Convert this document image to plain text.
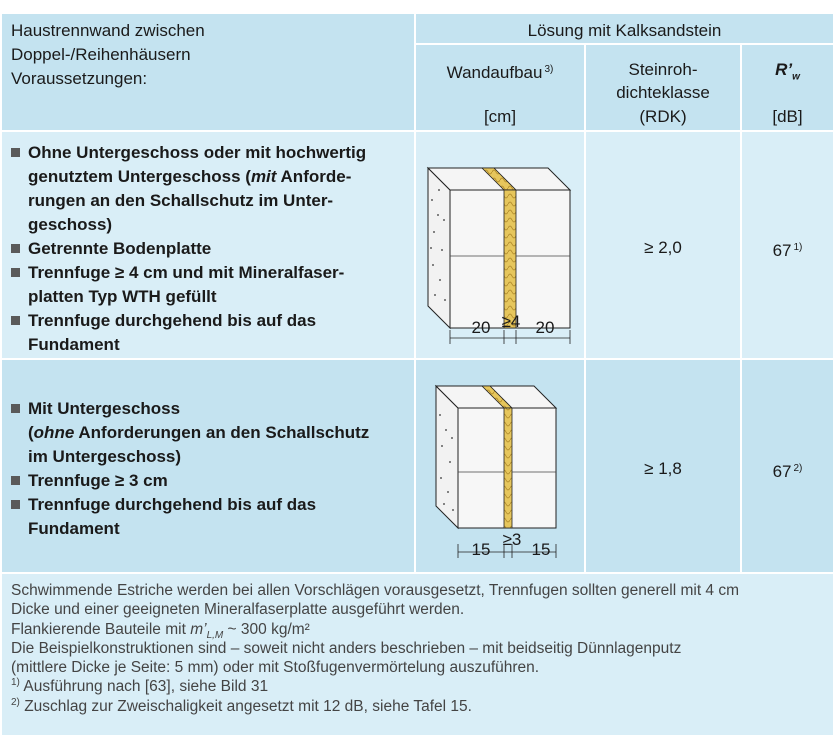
Haustrennwand zwischen
Doppel-/Reihenhäusern
Voraussetzungen:
Lösung mit Kalksandstein
Wandaufbau $^{3)}$
[cm]
Steinroh-
dichteklasse
(RDK)
$R’_w$
[dB]
Ohne Untergeschoss oder mit hochwertig
genutztem Untergeschoss (mit Anforde-
rungen an den Schallschutz im Unter-
geschoss)
Getrennte Bodenplatte
Trennfuge ≥ 4 cm und mit Mineralfaser-
platten Typ WTH gefüllt
Trennfuge durchgehend bis auf das
Fundament
20 ≥4 20
≥ 2,0	67 $^{1)}$
Mit Untergeschoss
(ohne Anforderungen an den Schallschutz
im Untergeschoss)
Trennfuge ≥ 3 cm
Trennfuge durchgehend bis auf das
Fundament
15
≥3
15
≥ 1,8	67 $^{2)}$
Schwimmende Estriche werden bei allen Vorschlägen vorausgesetzt, Trennfugen sollten generell mit 4 cm
Dicke und einer geeigneten Mineralfaserplatte ausgeführt werden.
Flankierende Bauteile mit $m’_{L,M}$ ~ 300 kg/m²
Die Beispielkonstruktionen sind – soweit nicht anders beschrieben – mit beidseitig Dünnlagenputz
(mittlere Dicke je Seite: 5 mm) oder mit Stoßfugenvermörtelung auszuführen.
$^{1)}$ Ausführung nach [63], siehe Bild 31
$^{2)}$ Zuschlag zur Zweischaligkeit angesetzt mit 12 dB, siehe Tafel 15.
